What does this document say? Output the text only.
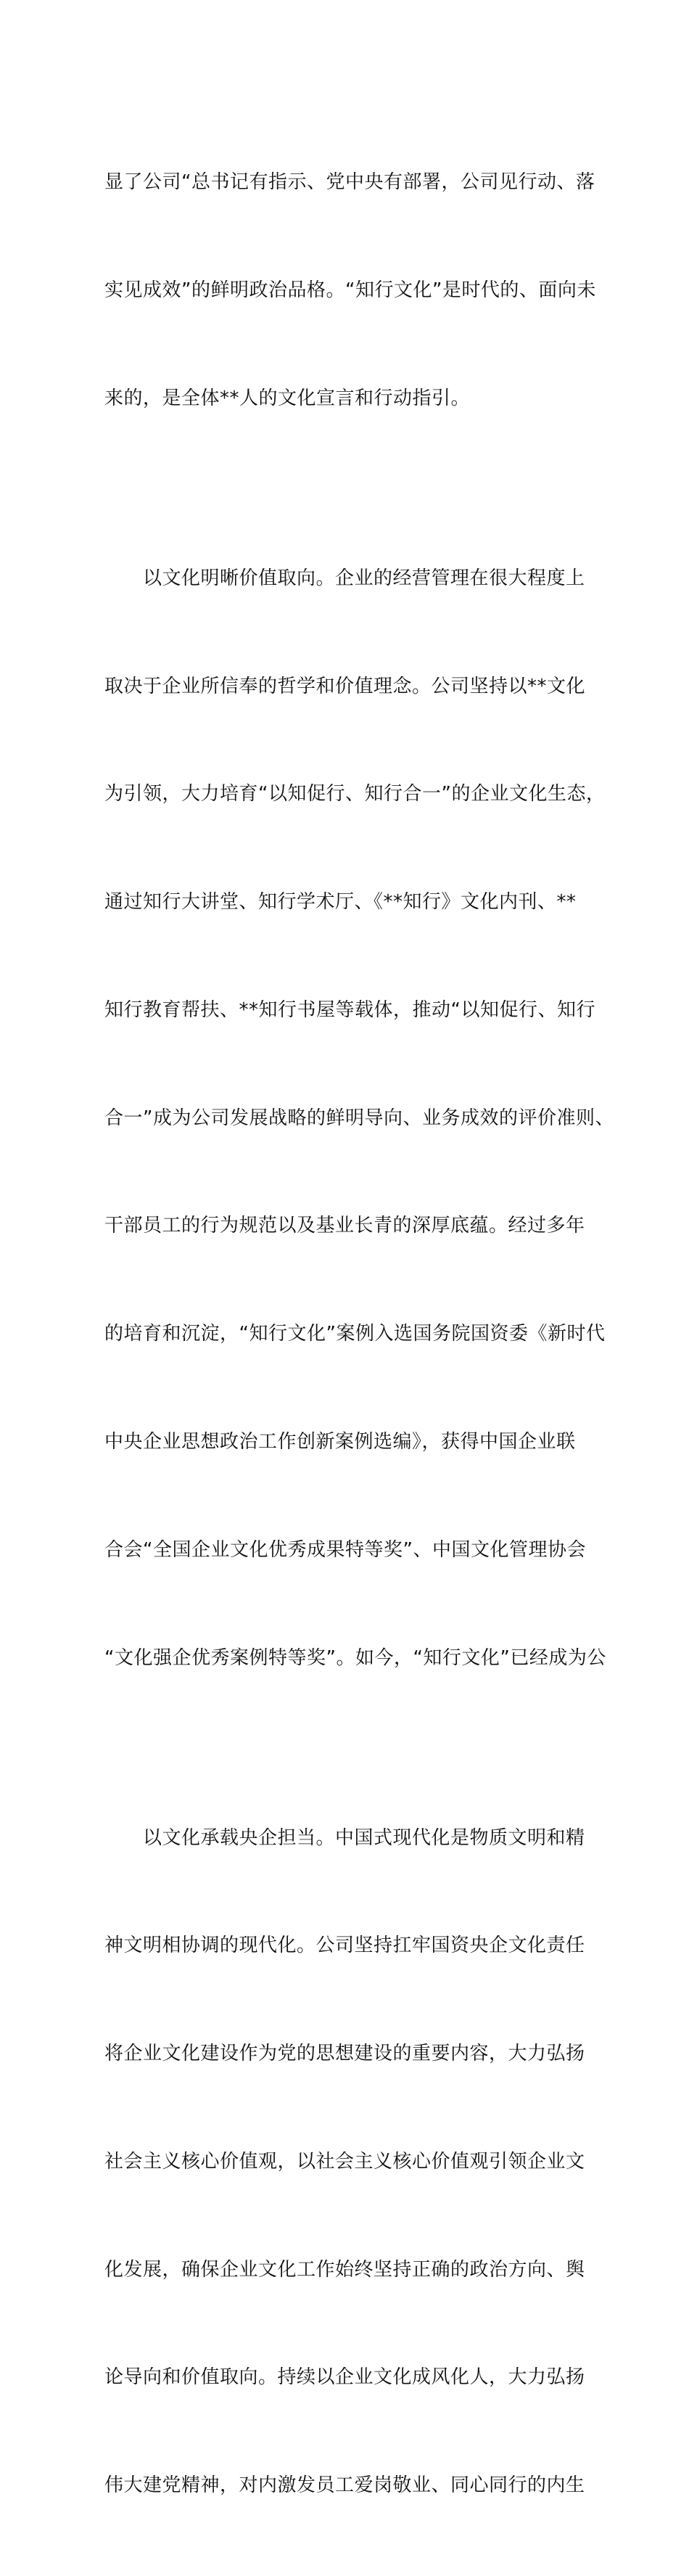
显了公司“总书记有指示、党中央有部署，公司见行动、落

实见成效”的鲜明政治品格。“知行文化”是时代的、面向未

来的，是全体**人的文化宣言和行动指引。

　　以文化明晰价值取向。企业的经营管理在很大程度上

取决于企业所信奉的哲学和价值理念。公司坚持以**文化

为引领，大力培育“以知促行、知行合一”的企业文化生态，

通过知行大讲堂、知行学术厅、《**知行》文化内刊、**

知行教育帮扶、**知行书屋等载体，推动“以知促行、知行

合一”成为公司发展战略的鲜明导向、业务成效的评价准则、

干部员工的行为规范以及基业长青的深厚底蕴。经过多年

的培育和沉淀，“知行文化”案例入选国务院国资委《新时代

中央企业思想政治工作创新案例选编》，获得中国企业联

合会“全国企业文化优秀成果特等奖”、中国文化管理协会

“文化强企优秀案例特等奖”。如今，“知行文化”已经成为公

　　以文化承载央企担当。中国式现代化是物质文明和精

神文明相协调的现代化。公司坚持扛牢国资央企文化责任

将企业文化建设作为党的思想建设的重要内容，大力弘扬

社会主义核心价值观，以社会主义核心价值观引领企业文

化发展，确保企业文化工作始终坚持正确的政治方向、舆

论导向和价值取向。持续以企业文化成风化人，大力弘扬

伟大建党精神，对内激发员工爱岗敬业、同心同行的内生
